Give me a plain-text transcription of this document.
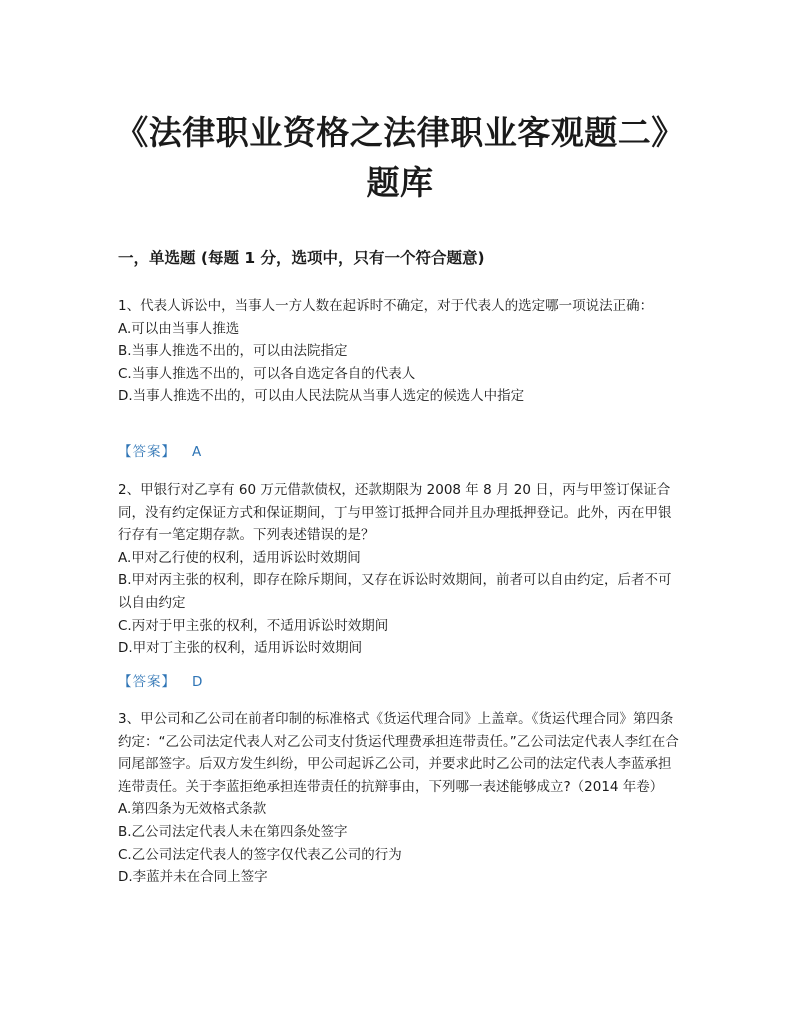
《法律职业资格之法律职业客观题二》题库
一，单选题 (每题 1 分，选项中，只有一个符合题意)

1、代表人诉讼中，当事人一方人数在起诉时不确定，对于代表人的选定哪一项说法正确：

A.可以由当事人推选

B.当事人推选不出的，可以由法院指定

C.当事人推选不出的，可以各自选定各自的代表人

D.当事人推选不出的，可以由人民法院从当事人选定的候选人中指定

【答案】 A

2、甲银行对乙享有 60 万元借款债权，还款期限为 2008 年 8 月 20 日，丙与甲签订保证合同，没有约定保证方式和保证期间，丁与甲签订抵押合同并且办理抵押登记。此外，丙在甲银行存有一笔定期存款。下列表述错误的是？

A.甲对乙行使的权利，适用诉讼时效期间

B.甲对丙主张的权利，即存在除斥期间，又存在诉讼时效期间，前者可以自由约定，后者不可以自由约定

C.丙对于甲主张的权利，不适用诉讼时效期间

D.甲对丁主张的权利，适用诉讼时效期间

【答案】 D

3、甲公司和乙公司在前者印制的标准格式《货运代理合同》上盖章。《货运代理合同》第四条约定：“乙公司法定代表人对乙公司支付货运代理费承担连带责任。”乙公司法定代表人李红在合同尾部签字。后双方发生纠纷，甲公司起诉乙公司，并要求此时乙公司的法定代表人李蓝承担连带责任。关于李蓝拒绝承担连带责任的抗辩事由，下列哪一表述能够成立?（2014 年卷）

A.第四条为无效格式条款

B.乙公司法定代表人未在第四条处签字

C.乙公司法定代表人的签字仅代表乙公司的行为

D.李蓝并未在合同上签字
